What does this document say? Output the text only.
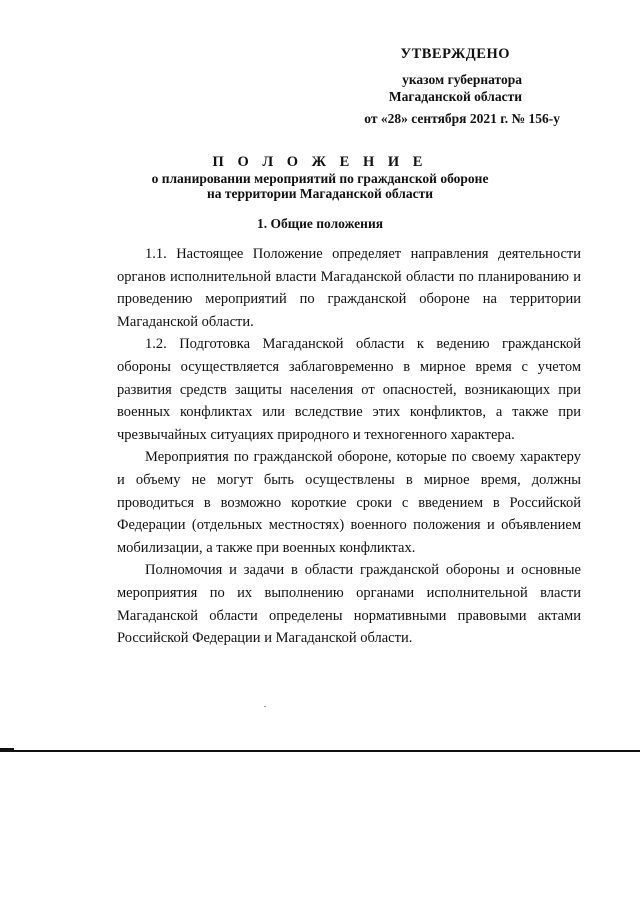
УТВЕРЖДЕНО
указом губернатора
Магаданской области
от «28» сентября 2021 г. № 156-у
П О Л О Ж Е Н И Е
о планировании мероприятий по гражданской обороне
на территории Магаданской области
1. Общие положения

1.1. Настоящее Положение определяет направления деятельности органов исполнительной власти Магаданской области по планированию и проведению мероприятий по гражданской обороне на территории Магаданской области.

1.2. Подготовка Магаданской области к ведению гражданской обороны осуществляется заблаговременно в мирное время с учетом развития средств защиты населения от опасностей, возникающих при военных конфликтах или вследствие этих конфликтов, а также при чрезвычайных ситуациях природного и техногенного характера.

Мероприятия по гражданской обороне, которые по своему характеру и объему не могут быть осуществлены в мирное время, должны проводиться в возможно короткие сроки с введением в Российской Федерации (отдельных местностях) военного положения и объявлением мобилизации, а также при военных конфликтах.

Полномочия и задачи в области гражданской обороны и основные мероприятия по их выполнению органами исполнительной власти Магаданской области определены нормативными правовыми актами Российской Федерации и Магаданской области.
